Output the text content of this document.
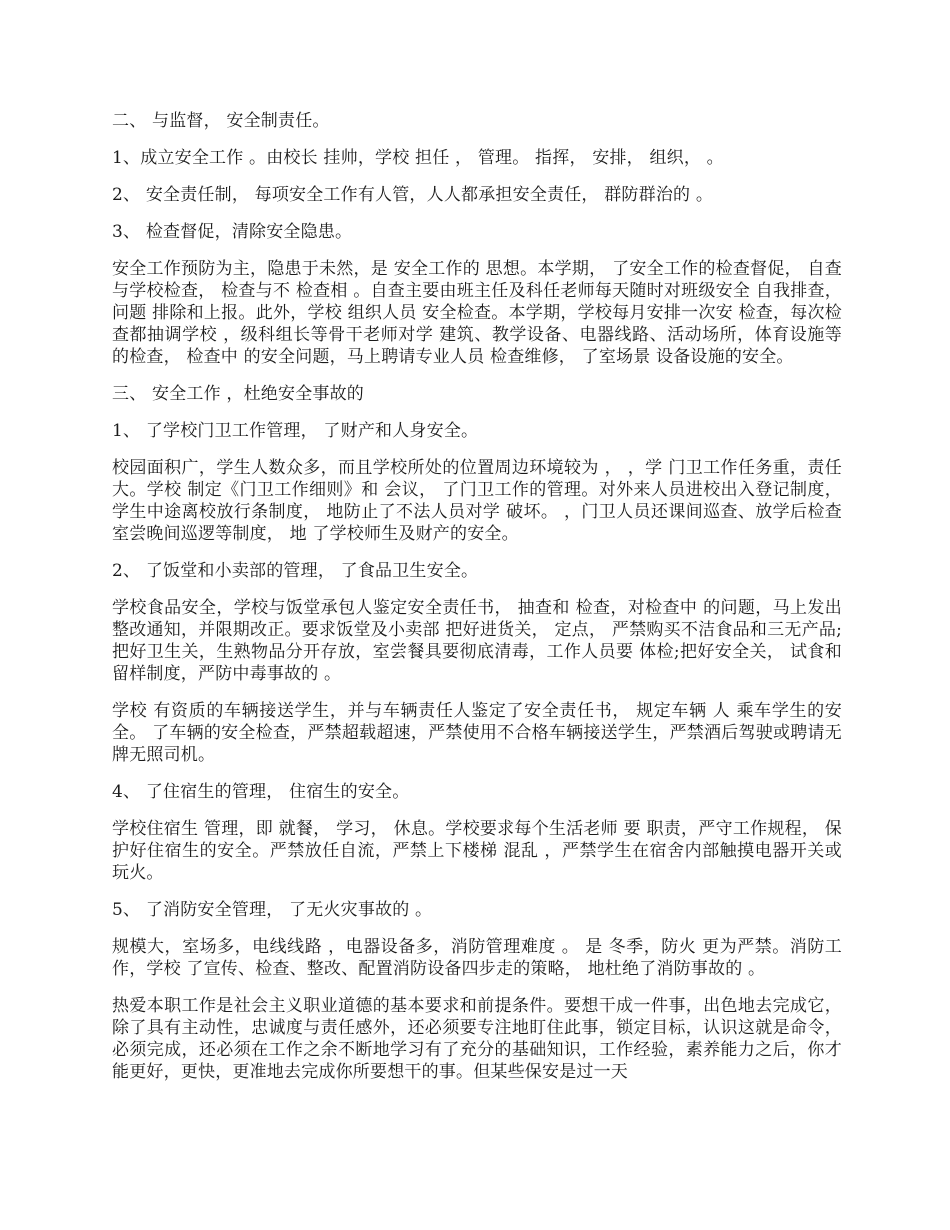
二、 与监督， 安全制责任。

1、成立安全工作 。由校长 挂帅，学校 担任 ， 管理。 指挥， 安排， 组织， 。

2、 安全责任制， 每项安全工作有人管，人人都承担安全责任， 群防群治的 。

3、 检查督促，清除安全隐患。

安全工作预防为主，隐患于未然，是 安全工作的 思想。本学期， 了安全工作的检查督促， 自查与学校检查， 检查与不 检查相 。自查主要由班主任及科任老师每天随时对班级安全 自我排查， 问题 排除和上报。此外，学校 组织人员 安全检查。本学期，学校每月安排一次安 检查，每次检查都抽调学校 ，级科组长等骨干老师对学 建筑、教学设备、电器线路、活动场所，体育设施等 的检查， 检查中 的安全问题，马上聘请专业人员 检查维修， 了室场景 设备设施的安全。

三、 安全工作 ，杜绝安全事故的

1、 了学校门卫工作管理， 了财产和人身安全。

校园面积广，学生人数众多，而且学校所处的位置周边环境较为 ， ，学 门卫工作任务重，责任大。学校 制定《门卫工作细则》和 会议， 了门卫工作的管理。对外来人员进校出入登记制度，学生中途离校放行条制度， 地防止了不法人员对学 破坏。 ，门卫人员还课间巡查、放学后检查室尝晚间巡逻等制度， 地 了学校师生及财产的安全。

2、 了饭堂和小卖部的管理， 了食品卫生安全。

学校食品安全，学校与饭堂承包人鉴定安全责任书， 抽查和 检查，对检查中 的问题，马上发出整改通知，并限期改正。要求饭堂及小卖部 把好进货关， 定点， 严禁购买不洁食品和三无产品;把好卫生关，生熟物品分开存放，室尝餐具要彻底清毒，工作人员要 体检;把好安全关， 试食和留样制度，严防中毒事故的 。

学校 有资质的车辆接送学生，并与车辆责任人鉴定了安全责任书， 规定车辆 人 乘车学生的安全。 了车辆的安全检查，严禁超载超速，严禁使用不合格车辆接送学生，严禁酒后驾驶或聘请无牌无照司机。

4、 了住宿生的管理， 住宿生的安全。

学校住宿生 管理，即 就餐， 学习， 休息。学校要求每个生活老师 要 职责，严守工作规程， 保护好住宿生的安全。严禁放任自流，严禁上下楼梯 混乱 ，严禁学生在宿舍内部触摸电器开关或玩火。

5、 了消防安全管理， 了无火灾事故的 。

规模大，室场多，电线线路 ，电器设备多，消防管理难度 。 是 冬季，防火 更为严禁。消防工作，学校 了宣传、检查、整改、配置消防设备四步走的策略， 地杜绝了消防事故的 。

热爱本职工作是社会主义职业道德的基本要求和前提条件。要想干成一件事，出色地去完成它，除了具有主动性，忠诚度与责任感外，还必须要专注地盯住此事，锁定目标，认识这就是命令，必须完成，还必须在工作之余不断地学习有了充分的基础知识，工作经验，素养能力之后，你才能更好，更快，更准地去完成你所要想干的事。但某些保安是过一天
